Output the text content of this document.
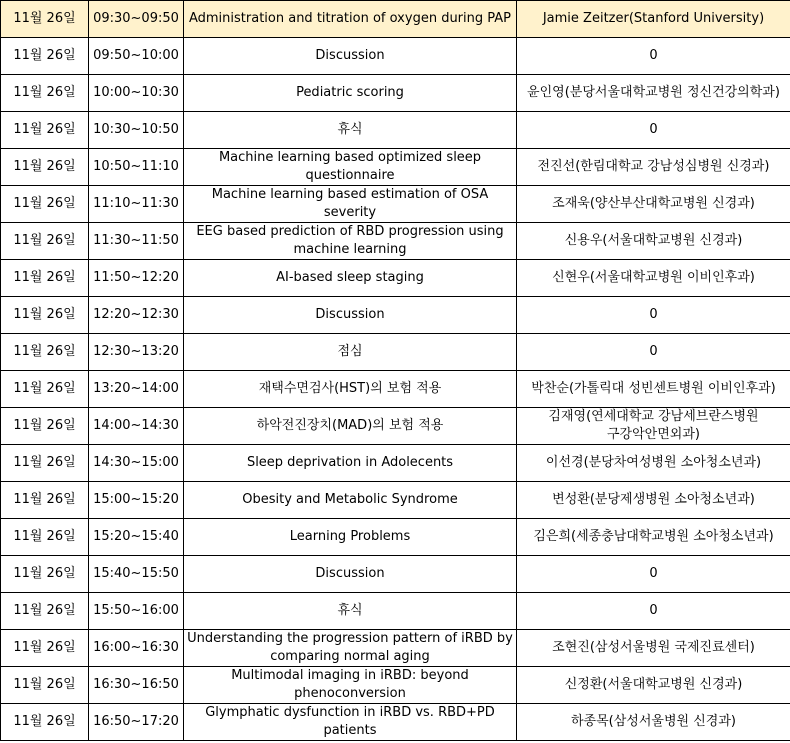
11월 26일	09:30~09:50	Administration and titration of oxygen during PAP	Jamie Zeitzer(Stanford University)
11월 26일	09:50~10:00	Discussion	0
11월 26일	10:00~10:30	Pediatric scoring	윤인영(분당서울대학교병원 정신건강의학과)
11월 26일	10:30~10:50	휴식	0
11월 26일	10:50~11:10	Machine learning based optimized sleep questionnaire	전진선(한림대학교 강남성심병원 신경과)
11월 26일	11:10~11:30	Machine learning based estimation of OSA severity	조재욱(양산부산대학교병원 신경과)
11월 26일	11:30~11:50	EEG based prediction of RBD progression using machine learning	신용우(서울대학교병원 신경과)
11월 26일	11:50~12:20	AI-based sleep staging	신현우(서울대학교병원 이비인후과)
11월 26일	12:20~12:30	Discussion	0
11월 26일	12:30~13:20	점심	0
11월 26일	13:20~14:00	재택수면검사(HST)의 보험 적용	박찬순(가톨릭대 성빈센트병원 이비인후과)
11월 26일	14:00~14:30	하악전진장치(MAD)의 보험 적용	김재영(연세대학교 강남세브란스병원 구강악안면외과)
11월 26일	14:30~15:00	Sleep deprivation in Adolecents	이선경(분당차여성병원 소아청소년과)
11월 26일	15:00~15:20	Obesity and Metabolic Syndrome	변성환(분당제생병원 소아청소년과)
11월 26일	15:20~15:40	Learning Problems	김은희(세종충남대학교병원 소아청소년과)
11월 26일	15:40~15:50	Discussion	0
11월 26일	15:50~16:00	휴식	0
11월 26일	16:00~16:30	Understanding the progression pattern of iRBD by comparing normal aging	조현진(삼성서울병원 국제진료센터)
11월 26일	16:30~16:50	Multimodal imaging in iRBD: beyond phenoconversion	신정환(서울대학교병원 신경과)
11월 26일	16:50~17:20	Glymphatic dysfunction in iRBD vs. RBD+PD patients	하종목(삼성서울병원 신경과)
